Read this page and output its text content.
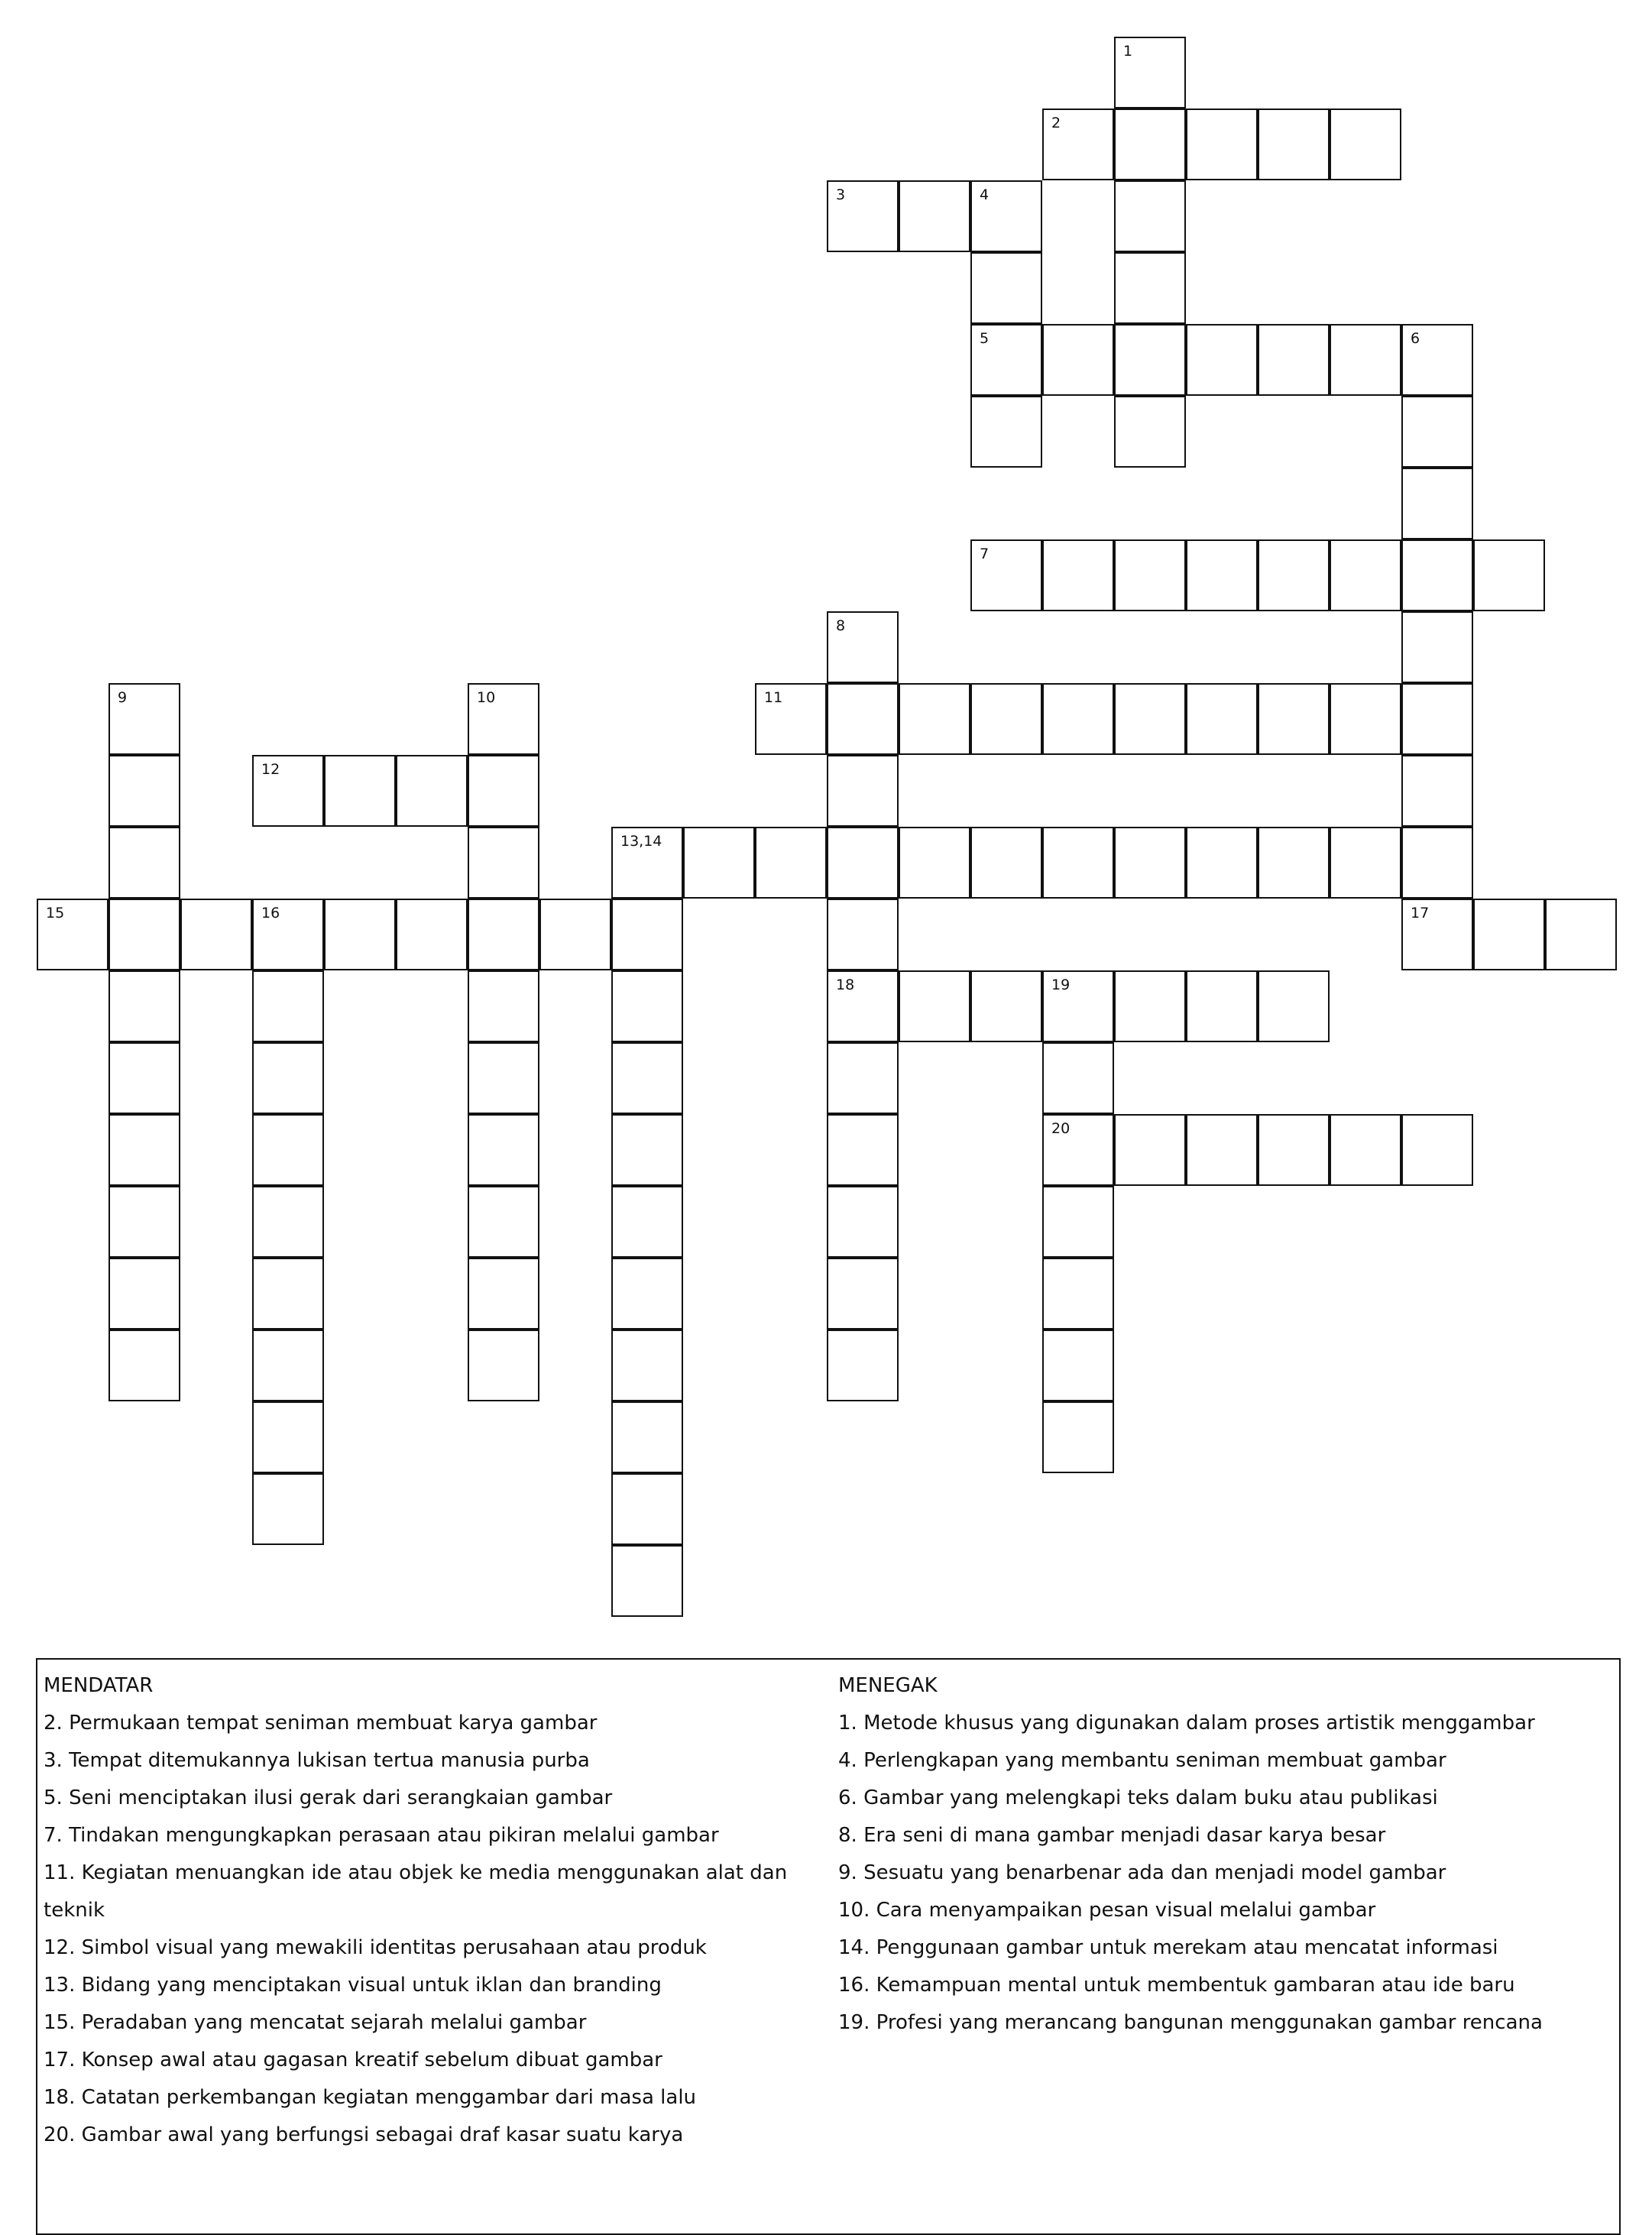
1
2
3	4
5	6
7
8
18
9	10	11
12
13,14
15	16	17
19
20
MENDATAR
2. Permukaan tempat seniman membuat karya gambar
3. Tempat ditemukannya lukisan tertua manusia purba
5. Seni menciptakan ilusi gerak dari serangkaian gambar
7. Tindakan mengungkapkan perasaan atau pikiran melalui gambar
11. Kegiatan menuangkan ide atau objek ke media menggunakan alat dan teknik
12. Simbol visual yang mewakili identitas perusahaan atau produk
13. Bidang yang menciptakan visual untuk iklan dan branding
15. Peradaban yang mencatat sejarah melalui gambar
17. Konsep awal atau gagasan kreatif sebelum dibuat gambar
18. Catatan perkembangan kegiatan menggambar dari masa lalu
20. Gambar awal yang berfungsi sebagai draf kasar suatu karya
MENEGAK
1. Metode khusus yang digunakan dalam proses artistik menggambar
4. Perlengkapan yang membantu seniman membuat gambar
6. Gambar yang melengkapi teks dalam buku atau publikasi
8. Era seni di mana gambar menjadi dasar karya besar
9. Sesuatu yang benarbenar ada dan menjadi model gambar
10. Cara menyampaikan pesan visual melalui gambar
14. Penggunaan gambar untuk merekam atau mencatat informasi
16. Kemampuan mental untuk membentuk gambaran atau ide baru
19. Profesi yang merancang bangunan menggunakan gambar rencana
